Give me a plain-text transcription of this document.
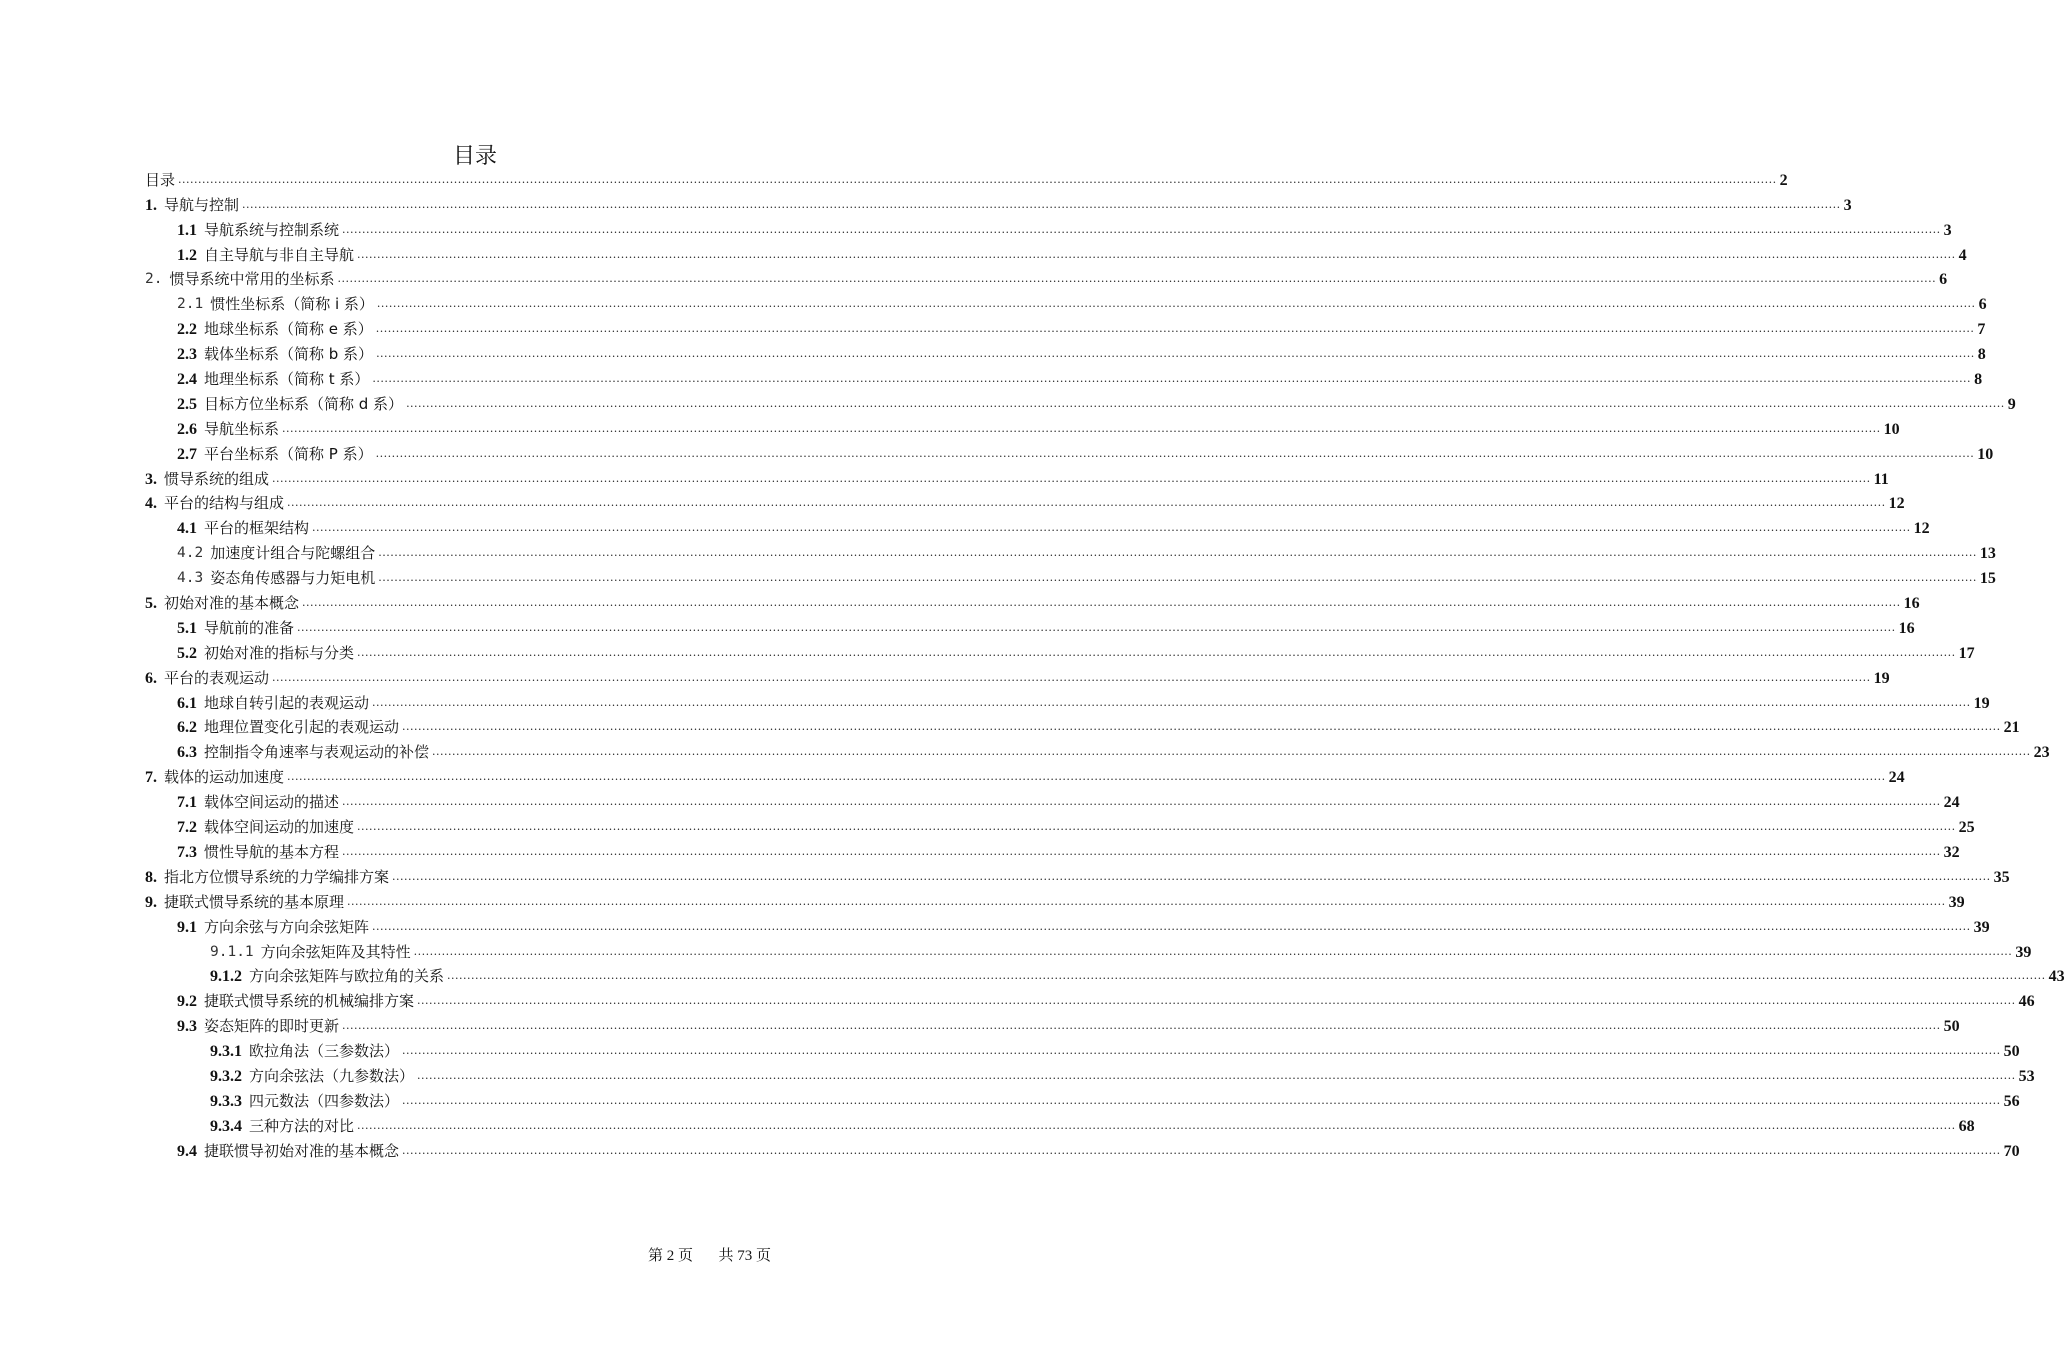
目录
目录 ................................................................................................................................................................................................................................................................................................................................................................................................................ 2
1. 导航与控制 ................................................................................................................................................................................................................................................................................................................................................................................................................ 3
1.1 导航系统与控制系统 ................................................................................................................................................................................................................................................................................................................................................................................................................ 3
1.2 自主导航与非自主导航 ................................................................................................................................................................................................................................................................................................................................................................................................................ 4
2. 惯导系统中常用的坐标系 ................................................................................................................................................................................................................................................................................................................................................................................................................ 6
2.1 惯性坐标系（简称 i 系） ................................................................................................................................................................................................................................................................................................................................................................................................................ 6
2.2 地球坐标系（简称 e 系） ................................................................................................................................................................................................................................................................................................................................................................................................................ 7
2.3 载体坐标系（简称 b 系） ................................................................................................................................................................................................................................................................................................................................................................................................................ 8
2.4 地理坐标系（简称 t 系） ................................................................................................................................................................................................................................................................................................................................................................................................................ 8
2.5 目标方位坐标系（简称 d 系） ................................................................................................................................................................................................................................................................................................................................................................................................................ 9
2.6 导航坐标系 ................................................................................................................................................................................................................................................................................................................................................................................................................ 10
2.7 平台坐标系（简称 P 系） ................................................................................................................................................................................................................................................................................................................................................................................................................ 10
3. 惯导系统的组成 ................................................................................................................................................................................................................................................................................................................................................................................................................ 11
4. 平台的结构与组成 ................................................................................................................................................................................................................................................................................................................................................................................................................ 12
4.1 平台的框架结构 ................................................................................................................................................................................................................................................................................................................................................................................................................ 12
4.2 加速度计组合与陀螺组合 ................................................................................................................................................................................................................................................................................................................................................................................................................ 13
4.3 姿态角传感器与力矩电机 ................................................................................................................................................................................................................................................................................................................................................................................................................ 15
5. 初始对准的基本概念 ................................................................................................................................................................................................................................................................................................................................................................................................................ 16
5.1 导航前的准备 ................................................................................................................................................................................................................................................................................................................................................................................................................ 16
5.2 初始对准的指标与分类 ................................................................................................................................................................................................................................................................................................................................................................................................................ 17
6. 平台的表观运动 ................................................................................................................................................................................................................................................................................................................................................................................................................ 19
6.1 地球自转引起的表观运动 ................................................................................................................................................................................................................................................................................................................................................................................................................ 19
6.2 地理位置变化引起的表观运动 ................................................................................................................................................................................................................................................................................................................................................................................................................ 21
6.3 控制指令角速率与表观运动的补偿 ................................................................................................................................................................................................................................................................................................................................................................................................................ 23
7. 载体的运动加速度 ................................................................................................................................................................................................................................................................................................................................................................................................................ 24
7.1 载体空间运动的描述 ................................................................................................................................................................................................................................................................................................................................................................................................................ 24
7.2 载体空间运动的加速度 ................................................................................................................................................................................................................................................................................................................................................................................................................ 25
7.3 惯性导航的基本方程 ................................................................................................................................................................................................................................................................................................................................................................................................................ 32
8. 指北方位惯导系统的力学编排方案 ................................................................................................................................................................................................................................................................................................................................................................................................................ 35
9. 捷联式惯导系统的基本原理 ................................................................................................................................................................................................................................................................................................................................................................................................................ 39
9.1 方向余弦与方向余弦矩阵 ................................................................................................................................................................................................................................................................................................................................................................................................................ 39
9.1.1 方向余弦矩阵及其特性 ................................................................................................................................................................................................................................................................................................................................................................................................................ 39
9.1.2 方向余弦矩阵与欧拉角的关系 ................................................................................................................................................................................................................................................................................................................................................................................................................ 43
9.2 捷联式惯导系统的机械编排方案 ................................................................................................................................................................................................................................................................................................................................................................................................................ 46
9.3 姿态矩阵的即时更新 ................................................................................................................................................................................................................................................................................................................................................................................................................ 50
9.3.1 欧拉角法（三参数法） ................................................................................................................................................................................................................................................................................................................................................................................................................ 50
9.3.2 方向余弦法（九参数法） ................................................................................................................................................................................................................................................................................................................................................................................................................ 53
9.3.3 四元数法（四参数法） ................................................................................................................................................................................................................................................................................................................................................................................................................ 56
9.3.4 三种方法的对比 ................................................................................................................................................................................................................................................................................................................................................................................................................ 68
9.4 捷联惯导初始对准的基本概念 ................................................................................................................................................................................................................................................................................................................................................................................................................ 70
第 2 页 共 73 页
